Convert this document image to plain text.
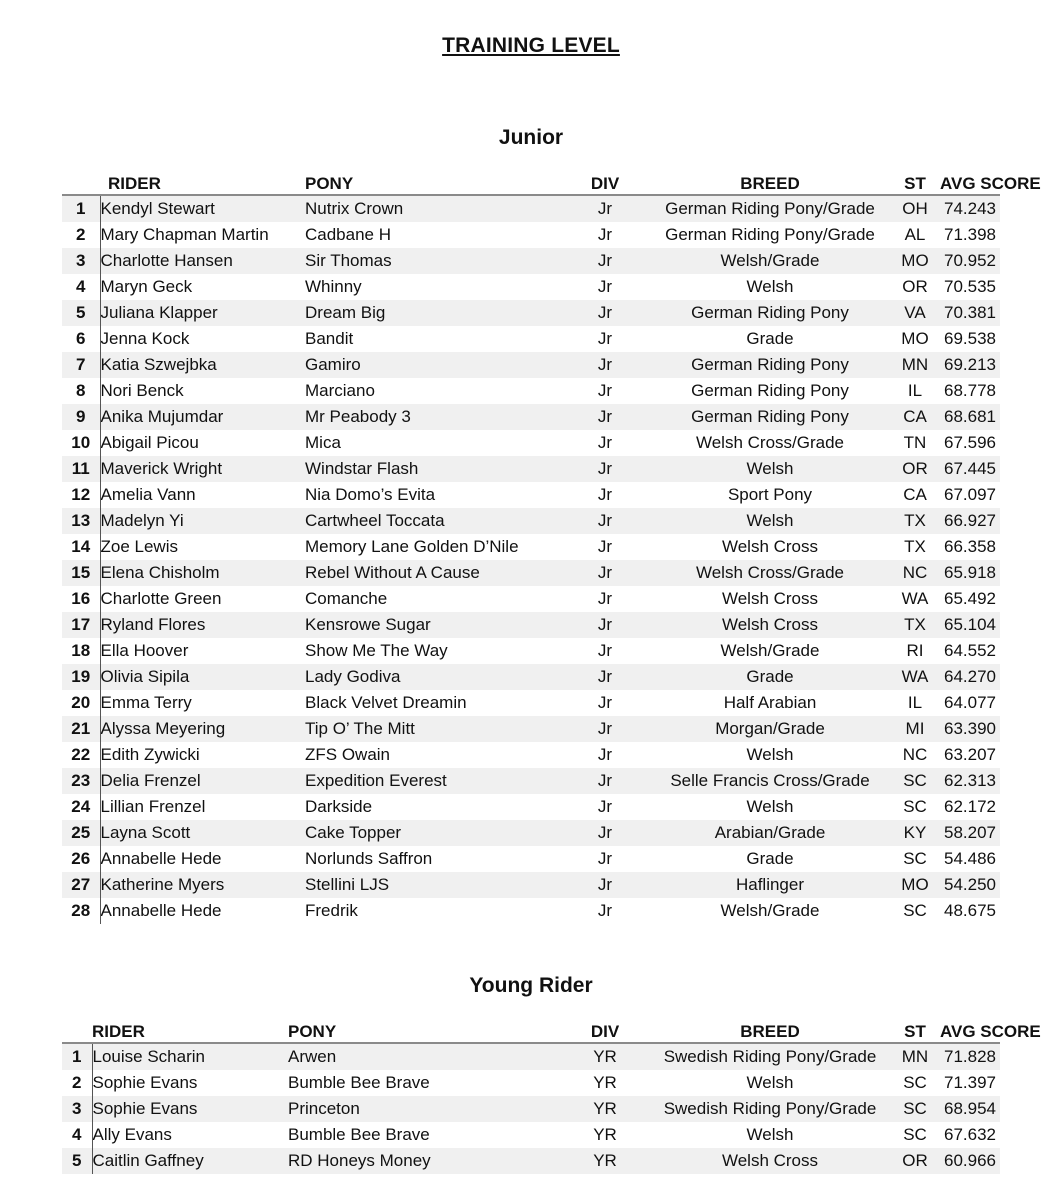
TRAINING LEVEL
Junior
	RIDER	PONY	DIV	BREED	ST	AVG SCORE
1	Kendyl Stewart	Nutrix Crown	Jr	German Riding Pony/Grade	OH	74.243
2	Mary Chapman Martin	Cadbane H	Jr	German Riding Pony/Grade	AL	71.398
3	Charlotte Hansen	Sir Thomas	Jr	Welsh/Grade	MO	70.952
4	Maryn Geck	Whinny	Jr	Welsh	OR	70.535
5	Juliana Klapper	Dream Big	Jr	German Riding Pony	VA	70.381
6	Jenna Kock	Bandit	Jr	Grade	MO	69.538
7	Katia Szwejbka	Gamiro	Jr	German Riding Pony	MN	69.213
8	Nori Benck	Marciano	Jr	German Riding Pony	IL	68.778
9	Anika Mujumdar	Mr Peabody 3	Jr	German Riding Pony	CA	68.681
10	Abigail Picou	Mica	Jr	Welsh Cross/Grade	TN	67.596
11	Maverick Wright	Windstar Flash	Jr	Welsh	OR	67.445
12	Amelia Vann	Nia Domo’s Evita	Jr	Sport Pony	CA	67.097
13	Madelyn Yi	Cartwheel Toccata	Jr	Welsh	TX	66.927
14	Zoe Lewis	Memory Lane Golden D’Nile	Jr	Welsh Cross	TX	66.358
15	Elena Chisholm	Rebel Without A Cause	Jr	Welsh Cross/Grade	NC	65.918
16	Charlotte Green	Comanche	Jr	Welsh Cross	WA	65.492
17	Ryland Flores	Kensrowe Sugar	Jr	Welsh Cross	TX	65.104
18	Ella Hoover	Show Me The Way	Jr	Welsh/Grade	RI	64.552
19	Olivia Sipila	Lady Godiva	Jr	Grade	WA	64.270
20	Emma Terry	Black Velvet Dreamin	Jr	Half Arabian	IL	64.077
21	Alyssa Meyering	Tip O’ The Mitt	Jr	Morgan/Grade	MI	63.390
22	Edith Zywicki	ZFS Owain	Jr	Welsh	NC	63.207
23	Delia Frenzel	Expedition Everest	Jr	Selle Francis Cross/Grade	SC	62.313
24	Lillian Frenzel	Darkside	Jr	Welsh	SC	62.172
25	Layna Scott	Cake Topper	Jr	Arabian/Grade	KY	58.207
26	Annabelle Hede	Norlunds Saffron	Jr	Grade	SC	54.486
27	Katherine Myers	Stellini LJS	Jr	Haflinger	MO	54.250
28	Annabelle Hede	Fredrik	Jr	Welsh/Grade	SC	48.675
Young Rider
	RIDER	PONY	DIV	BREED	ST	AVG SCORE
1	Louise Scharin	Arwen	YR	Swedish Riding Pony/Grade	MN	71.828
2	Sophie Evans	Bumble Bee Brave	YR	Welsh	SC	71.397
3	Sophie Evans	Princeton	YR	Swedish Riding Pony/Grade	SC	68.954
4	Ally Evans	Bumble Bee Brave	YR	Welsh	SC	67.632
5	Caitlin Gaffney	RD Honeys Money	YR	Welsh Cross	OR	60.966
